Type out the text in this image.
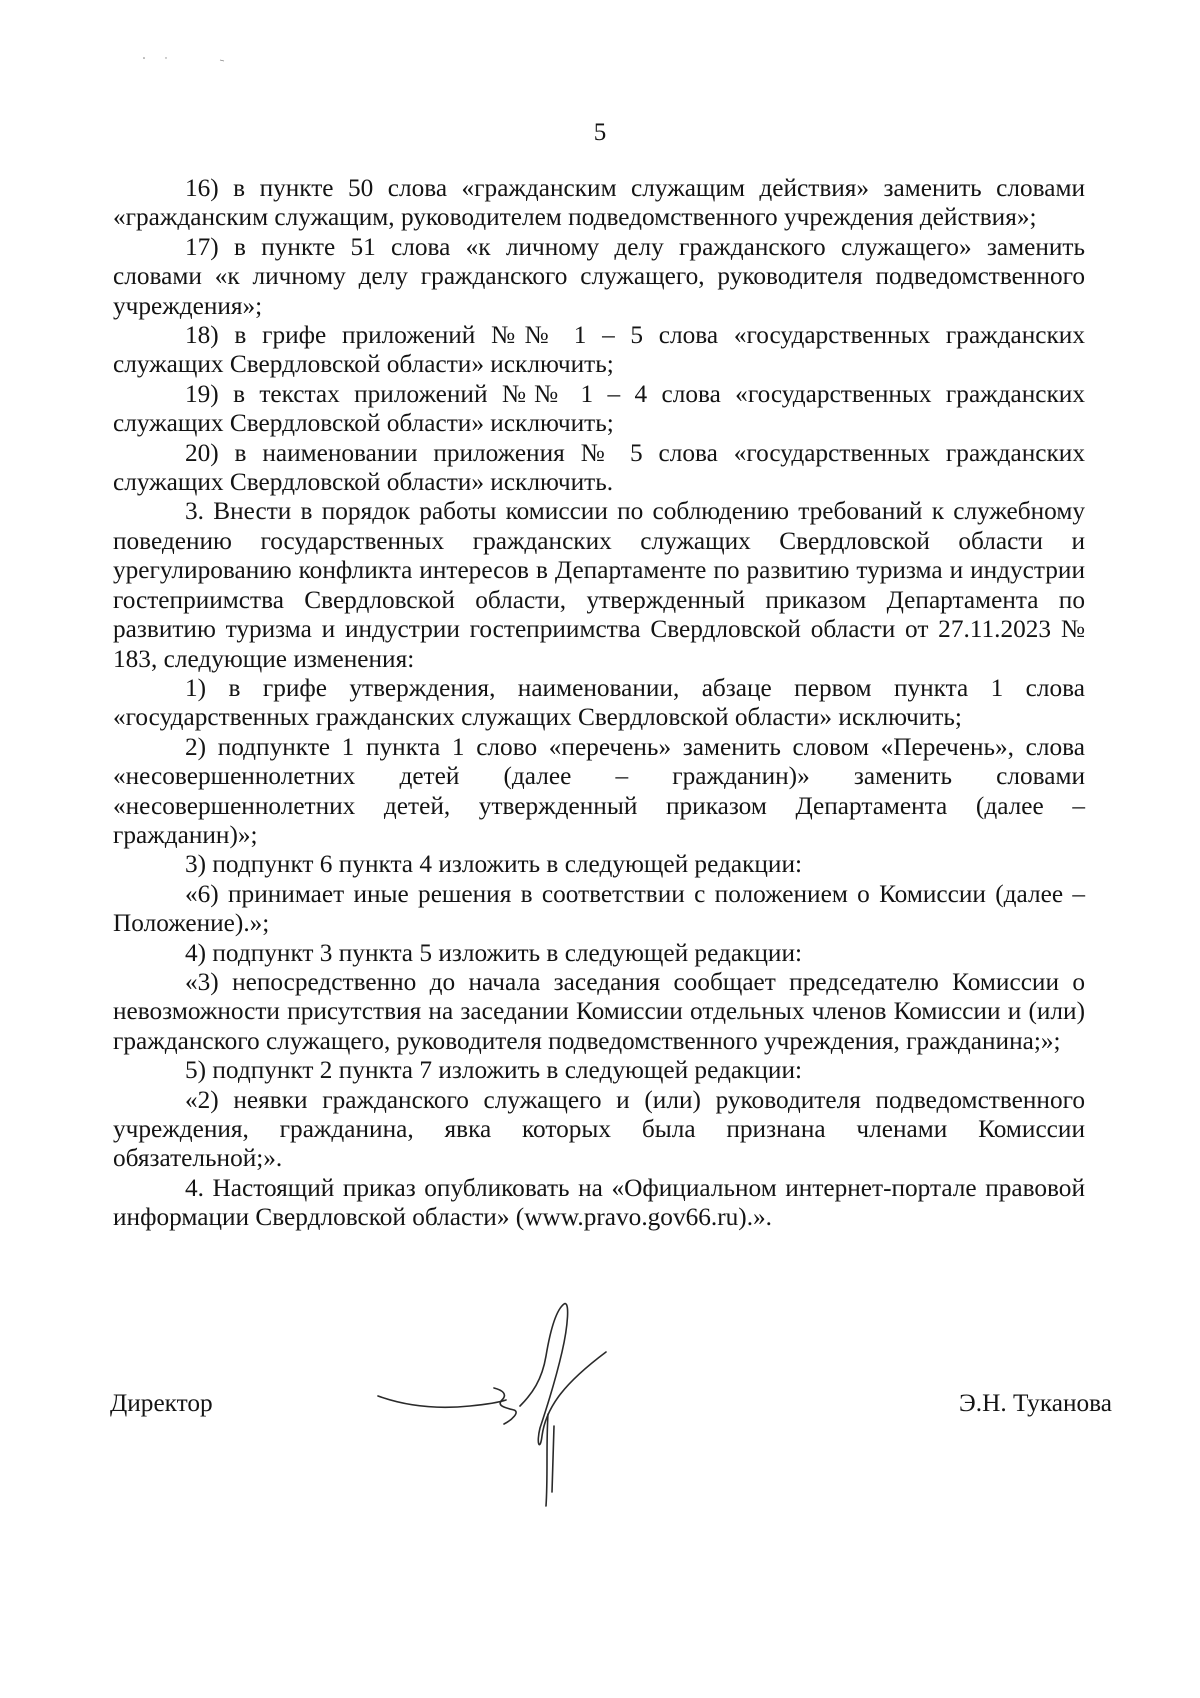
5

16) в пункте 50 слова «гражданским служащим действия» заменить словами «гражданским служащим, руководителем подведомственного учреждения действия»;

17) в пункте 51 слова «к личному делу гражданского служащего» заменить словами «к личному делу гражданского служащего, руководителя подведомственного учреждения»;

18) в грифе приложений №№ 1 – 5 слова «государственных гражданских служащих Свердловской области» исключить;

19) в текстах приложений №№ 1 – 4 слова «государственных гражданских служащих Свердловской области» исключить;

20) в наименовании приложения № 5 слова «государственных гражданских служащих Свердловской области» исключить.

3. Внести в порядок работы комиссии по соблюдению требований к служебному поведению государственных гражданских служащих Свердловской области и урегулированию конфликта интересов в Департаменте по развитию туризма и индустрии гостеприимства Свердловской области, утвержденный приказом Департамента по развитию туризма и индустрии гостеприимства Свердловской области от 27.11.2023 № 183, следующие изменения:

1) в грифе утверждения, наименовании, абзаце первом пункта 1 слова «государственных гражданских служащих Свердловской области» исключить;

2) подпункте 1 пункта 1 слово «перечень» заменить словом «Перечень», слова «несовершеннолетних детей (далее – гражданин)» заменить словами «несовершеннолетних детей, утвержденный приказом Департамента (далее – гражданин)»;

3) подпункт 6 пункта 4 изложить в следующей редакции:

«6) принимает иные решения в соответствии с положением о Комиссии (далее – Положение).»;

4) подпункт 3 пункта 5 изложить в следующей редакции:

«3) непосредственно до начала заседания сообщает председателю Комиссии о невозможности присутствия на заседании Комиссии отдельных членов Комиссии и (или) гражданского служащего, руководителя подведомственного учреждения, гражданина;»;

5) подпункт 2 пункта 7 изложить в следующей редакции:

«2) неявки гражданского служащего и (или) руководителя подведомственного учреждения, гражданина, явка которых была признана членами Комиссии обязательной;».

4. Настоящий приказ опубликовать на «Официальном интернет-портале правовой информации Свердловской области» (www.pravo.gov66.ru).».

Директор	Э.Н. Туканова
